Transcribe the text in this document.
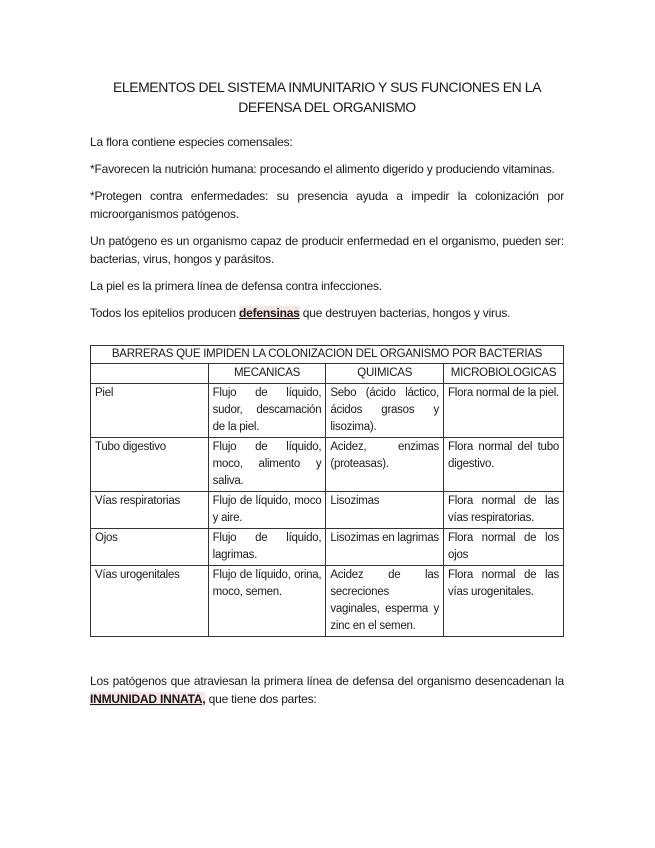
ELEMENTOS DEL SISTEMA INMUNITARIO Y SUS FUNCIONES EN LA
DEFENSA DEL ORGANISMO

La flora contiene especies comensales:

*Favorecen la nutrición humana: procesando el alimento digerido y produciendo vitaminas.

*Protegen contra enfermedades: su presencia ayuda a impedir la colonización por microorganismos patógenos.

Un patógeno es un organismo capaz de producir enfermedad en el organismo, pueden ser: bacterias, virus, hongos y parásitos.

La piel es la primera línea de defensa contra infecciones.

Todos los epitelios producen defensinas que destruyen bacterias, hongos y virus.

BARRERAS QUE IMPIDEN LA COLONIZACION DEL ORGANISMO POR BACTERIAS			
	MECANICAS	QUIMICAS	MICROBIOLOGICAS
Piel	Flujo de líquido, sudor, descamación de la piel.	Sebo (ácido láctico, ácidos grasos y lisozima).	Flora normal de la piel.
Tubo digestivo	Flujo de líquido, moco, alimento y saliva.	Acidez, enzimas (proteasas).	Flora normal del tubo digestivo.
Vías respiratorias	Flujo de líquido, moco y aire.	Lisozimas	Flora normal de las vías respiratorias.
Ojos	Flujo de líquido, lagrimas.	Lisozimas en lagrimas	Flora normal de los ojos
Vías urogenitales	Flujo de líquido, orina, moco, semen.	Acidez de las secreciones vaginales, esperma y zinc en el semen.	Flora normal de las vías urogenitales.

Los patógenos que atraviesan la primera línea de defensa del organismo desencadenan la INMUNIDAD INNATA, que tiene dos partes:
